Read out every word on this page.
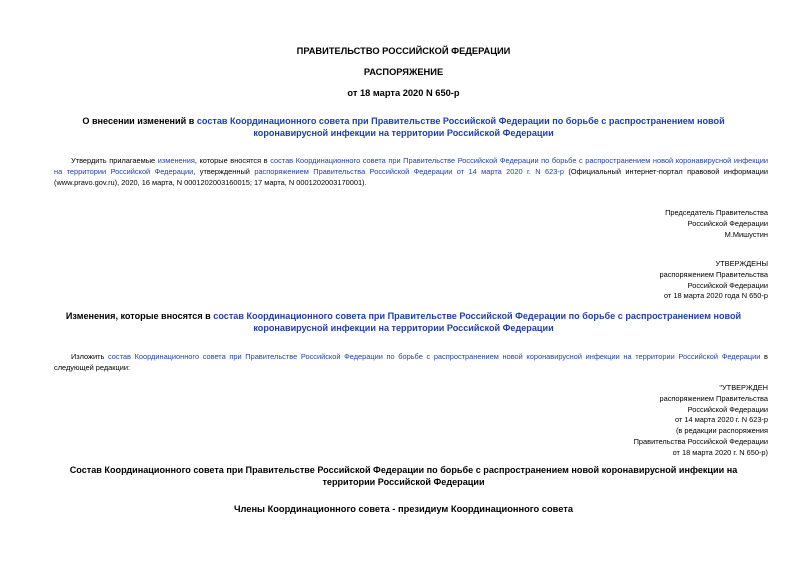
ПРАВИТЕЛЬСТВО РОССИЙСКОЙ ФЕДЕРАЦИИ
РАСПОРЯЖЕНИЕ
от 18 марта 2020 N 650-р
О внесении изменений в состав Координационного совета при Правительстве Российской Федерации по борьбе с распространением новой коронавирусной инфекции на территории Российской Федерации
Утвердить прилагаемые изменения, которые вносятся в состав Координационного совета при Правительстве Российской Федерации по борьбе с распространением новой коронавирусной инфекции на территории Российской Федерации, утвержденный распоряжением Правительства Российской Федерации от 14 марта 2020 г. N 623-р (Официальный интернет-портал правовой информации (www.pravo.gov.ru), 2020, 16 марта, N 0001202003160015; 17 марта, N 0001202003170001).
Председатель Правительства
Российской Федерации
М.Мишустин
УТВЕРЖДЕНЫ
распоряжением Правительства
Российской Федерации
от 18 марта 2020 года N 650-р
Изменения, которые вносятся в состав Координационного совета при Правительстве Российской Федерации по борьбе с распространением новой коронавирусной инфекции на территории Российской Федерации
Изложить состав Координационного совета при Правительстве Российской Федерации по борьбе с распространением новой коронавирусной инфекции на территории Российской Федерации в следующей редакции:
"УТВЕРЖДЕН
распоряжением Правительства
Российской Федерации
от 14 марта 2020 г. N 623-р
(в редакции распоряжения
Правительства Российской Федерации
от 18 марта 2020 г. N 650-р)
Состав Координационного совета при Правительстве Российской Федерации по борьбе с распространением новой коронавирусной инфекции на территории Российской Федерации
Члены Координационного совета - президиум Координационного совета
